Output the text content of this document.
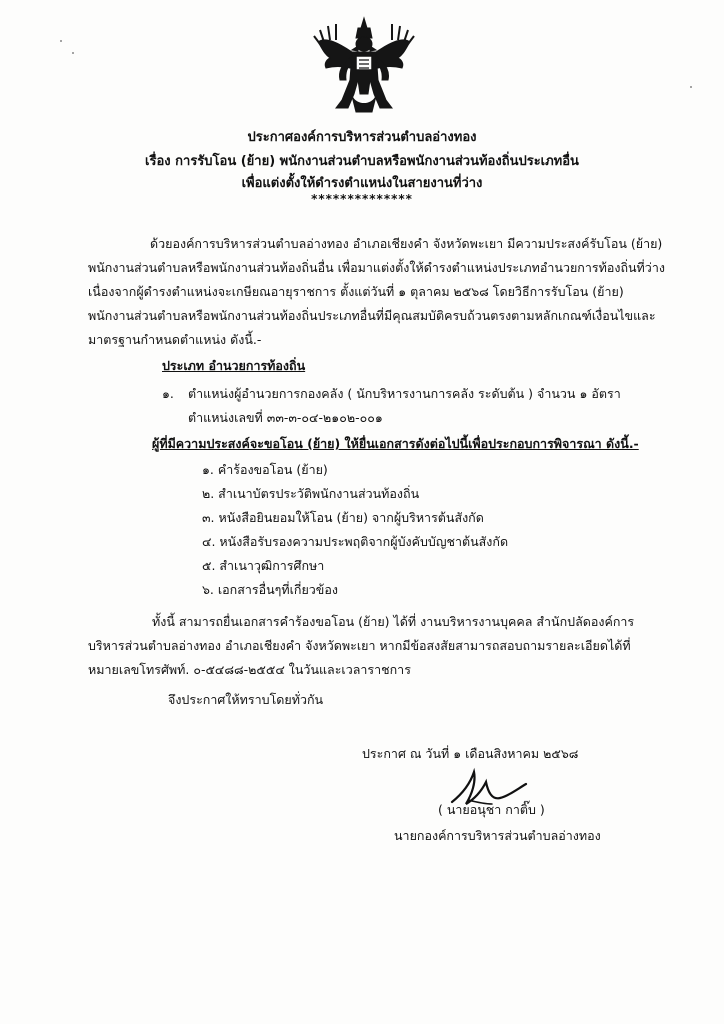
ประกาศองค์การบริหารส่วนตำบลอ่างทอง
เรื่อง การรับโอน (ย้าย) พนักงานส่วนตำบลหรือพนักงานส่วนท้องถิ่นประเภทอื่น
เพื่อแต่งตั้งให้ดำรงตำแหน่งในสายงานที่ว่าง
**************
ด้วยองค์การบริหารส่วนตำบลอ่างทอง อำเภอเชียงคำ จังหวัดพะเยา มีความประสงค์รับโอน (ย้าย)
พนักงานส่วนตำบลหรือพนักงานส่วนท้องถิ่นอื่น เพื่อมาแต่งตั้งให้ดำรงตำแหน่งประเภทอำนวยการท้องถิ่นที่ว่าง
เนื่องจากผู้ดำรงตำแหน่งจะเกษียณอายุราชการ ตั้งแต่วันที่ ๑ ตุลาคม ๒๕๖๘ โดยวิธีการรับโอน (ย้าย)
พนักงานส่วนตำบลหรือพนักงานส่วนท้องถิ่นประเภทอื่นที่มีคุณสมบัติครบถ้วนตรงตามหลักเกณฑ์เงื่อนไขและ
มาตรฐานกำหนดตำแหน่ง ดังนี้.-
ประเภท อำนวยการท้องถิ่น
๑. ตำแหน่งผู้อำนวยการกองคลัง ( นักบริหารงานการคลัง ระดับต้น ) จำนวน ๑ อัตรา
ตำแหน่งเลขที่ ๓๓-๓-๐๔-๒๑๐๒-๐๐๑
ผู้ที่มีความประสงค์จะขอโอน (ย้าย) ให้ยื่นเอกสารดังต่อไปนี้เพื่อประกอบการพิจารณา ดังนี้.-
๑. คำร้องขอโอน (ย้าย)
๒. สำเนาบัตรประวัติพนักงานส่วนท้องถิ่น
๓. หนังสือยินยอมให้โอน (ย้าย) จากผู้บริหารต้นสังกัด
๔. หนังสือรับรองความประพฤติจากผู้บังคับบัญชาต้นสังกัด
๕. สำเนาวุฒิการศึกษา
๖. เอกสารอื่นๆที่เกี่ยวข้อง
ทั้งนี้ สามารถยื่นเอกสารคำร้องขอโอน (ย้าย) ได้ที่ งานบริหารงานบุคคล สำนักปลัดองค์การ
บริหารส่วนตำบลอ่างทอง อำเภอเชียงคำ จังหวัดพะเยา หากมีข้อสงสัยสามารถสอบถามรายละเอียดได้ที่
หมายเลขโทรศัพท์. ๐-๕๔๘๘-๒๕๕๔ ในวันและเวลาราชการ
จึงประกาศให้ทราบโดยทั่วกัน
ประกาศ ณ วันที่ ๑ เดือนสิงหาคม ๒๕๖๘
( นายอนุชา กาติ๊บ )
นายกองค์การบริหารส่วนตำบลอ่างทอง
